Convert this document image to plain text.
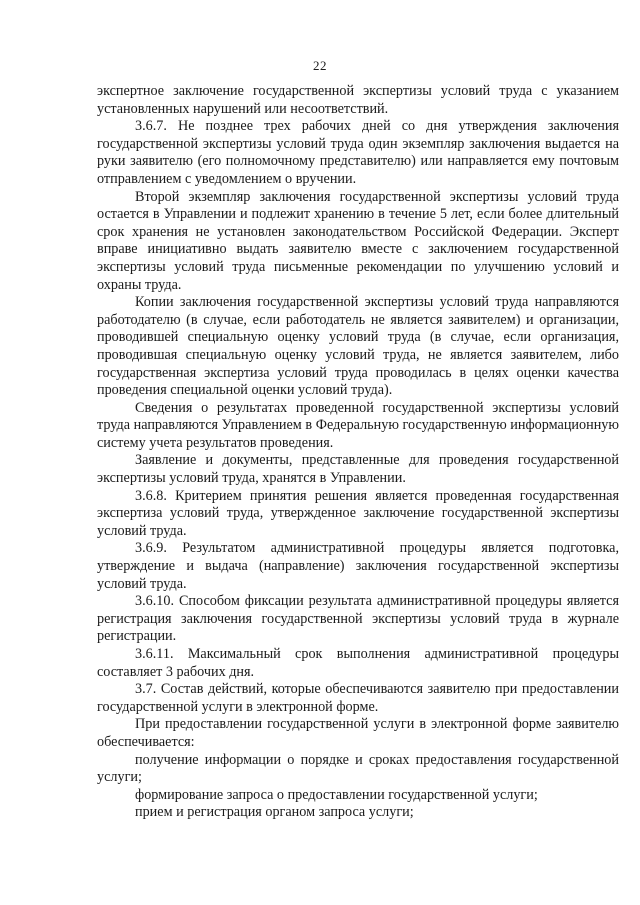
22

экспертное заключение государственной экспертизы условий труда с указанием установленных нарушений или несоответствий.

3.6.7. Не позднее трех рабочих дней со дня утверждения заключения государственной экспертизы условий труда один экземпляр заключения выдается на руки заявителю (его полномочному представителю) или направляется ему почтовым отправлением с уведомлением о вручении.

Второй экземпляр заключения государственной экспертизы условий труда остается в Управлении и подлежит хранению в течение 5 лет, если более длительный срок хранения не установлен законодательством Российской Федерации. Эксперт вправе инициативно выдать заявителю вместе с заключением государственной экспертизы условий труда письменные рекомендации по улучшению условий и охраны труда.

Копии заключения государственной экспертизы условий труда направляются работодателю (в случае, если работодатель не является заявителем) и организации, проводившей специальную оценку условий труда (в случае, если организация, проводившая специальную оценку условий труда, не является заявителем, либо государственная экспертиза условий труда проводилась в целях оценки качества проведения специальной оценки условий труда).

Сведения о результатах проведенной государственной экспертизы условий труда направляются Управлением в Федеральную государственную информационную систему учета результатов проведения.

Заявление и документы, представленные для проведения государственной экспертизы условий труда, хранятся в Управлении.

3.6.8. Критерием принятия решения является проведенная государственная экспертиза условий труда, утвержденное заключение государственной экспертизы условий труда.

3.6.9. Результатом административной процедуры является подготовка, утверждение и выдача (направление) заключения государственной экспертизы условий труда.

3.6.10. Способом фиксации результата административной процедуры является регистрация заключения государственной экспертизы условий труда в журнале регистрации.

3.6.11. Максимальный срок выполнения административной процедуры составляет 3 рабочих дня.

3.7. Состав действий, которые обеспечиваются заявителю при предоставлении государственной услуги в электронной форме.

При предоставлении государственной услуги в электронной форме заявителю обеспечивается:

получение информации о порядке и сроках предоставления государственной услуги;

формирование запроса о предоставлении государственной услуги;

прием и регистрация органом запроса услуги;
